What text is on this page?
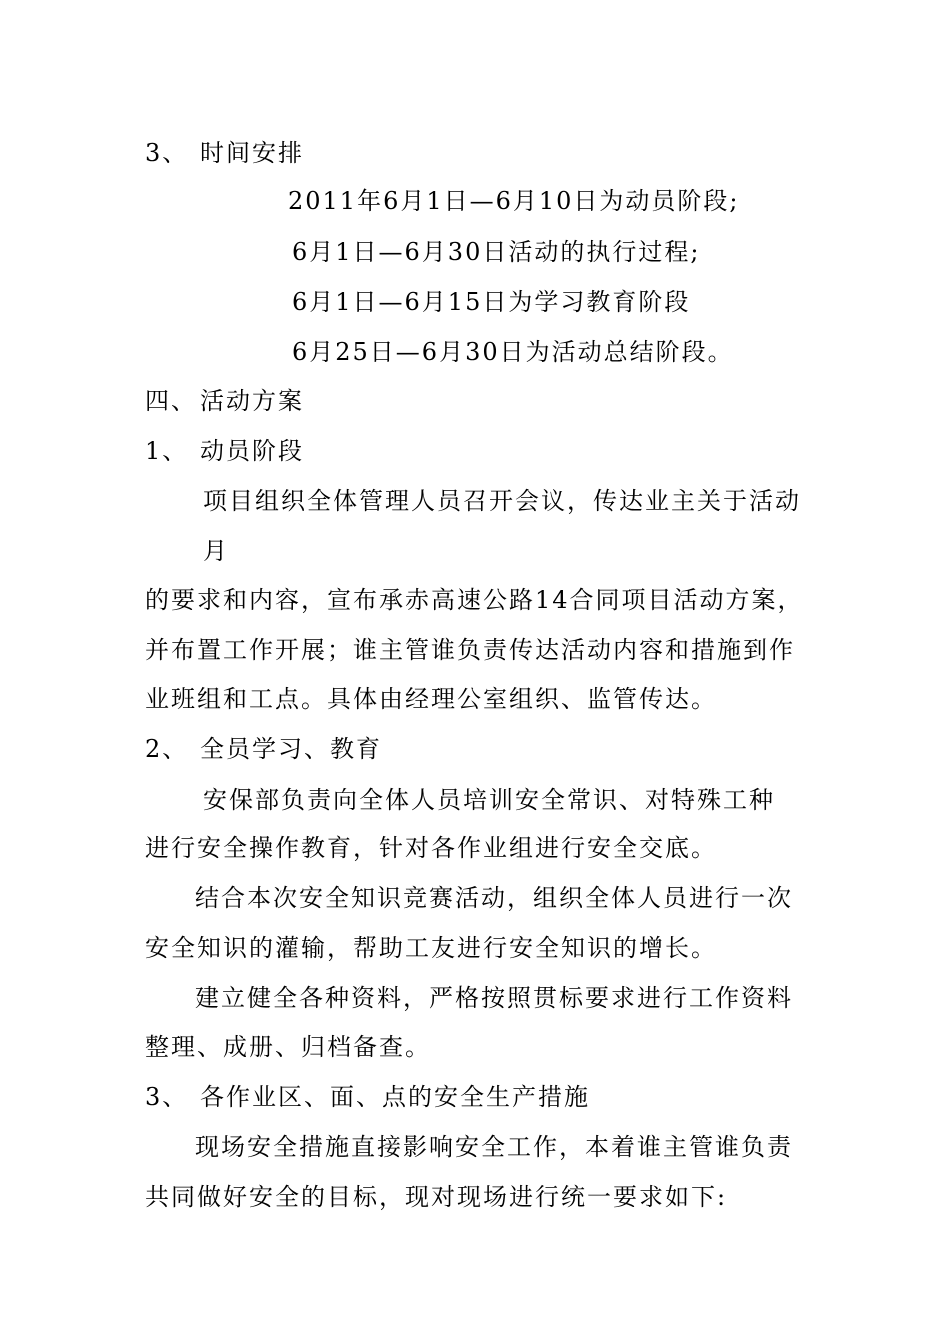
3、 时间安排
2011年6月1日—6月10日为动员阶段;
6月1日—6月30日活动的执行过程;
6月1日—6月15日为学习教育阶段
6月25日—6月30日为活动总结阶段。
四、 活动方案
1、 动员阶段
项目组织全体管理人员召开会议，传达业主关于活动
月
的要求和内容，宣布承赤高速公路14合同项目活动方案，
并布置工作开展；谁主管谁负责传达活动内容和措施到作
业班组和工点。具体由经理公室组织、监管传达。
2、 全员学习、教育
安保部负责向全体人员培训安全常识、对特殊工种
进行安全操作教育，针对各作业组进行安全交底。
结合本次安全知识竞赛活动，组织全体人员进行一次
安全知识的灌输，帮助工友进行安全知识的增长。
建立健全各种资料，严格按照贯标要求进行工作资料
整理、成册、归档备查。
3、 各作业区、面、点的安全生产措施
现场安全措施直接影响安全工作，本着谁主管谁负责
共同做好安全的目标，现对现场进行统一要求如下:
